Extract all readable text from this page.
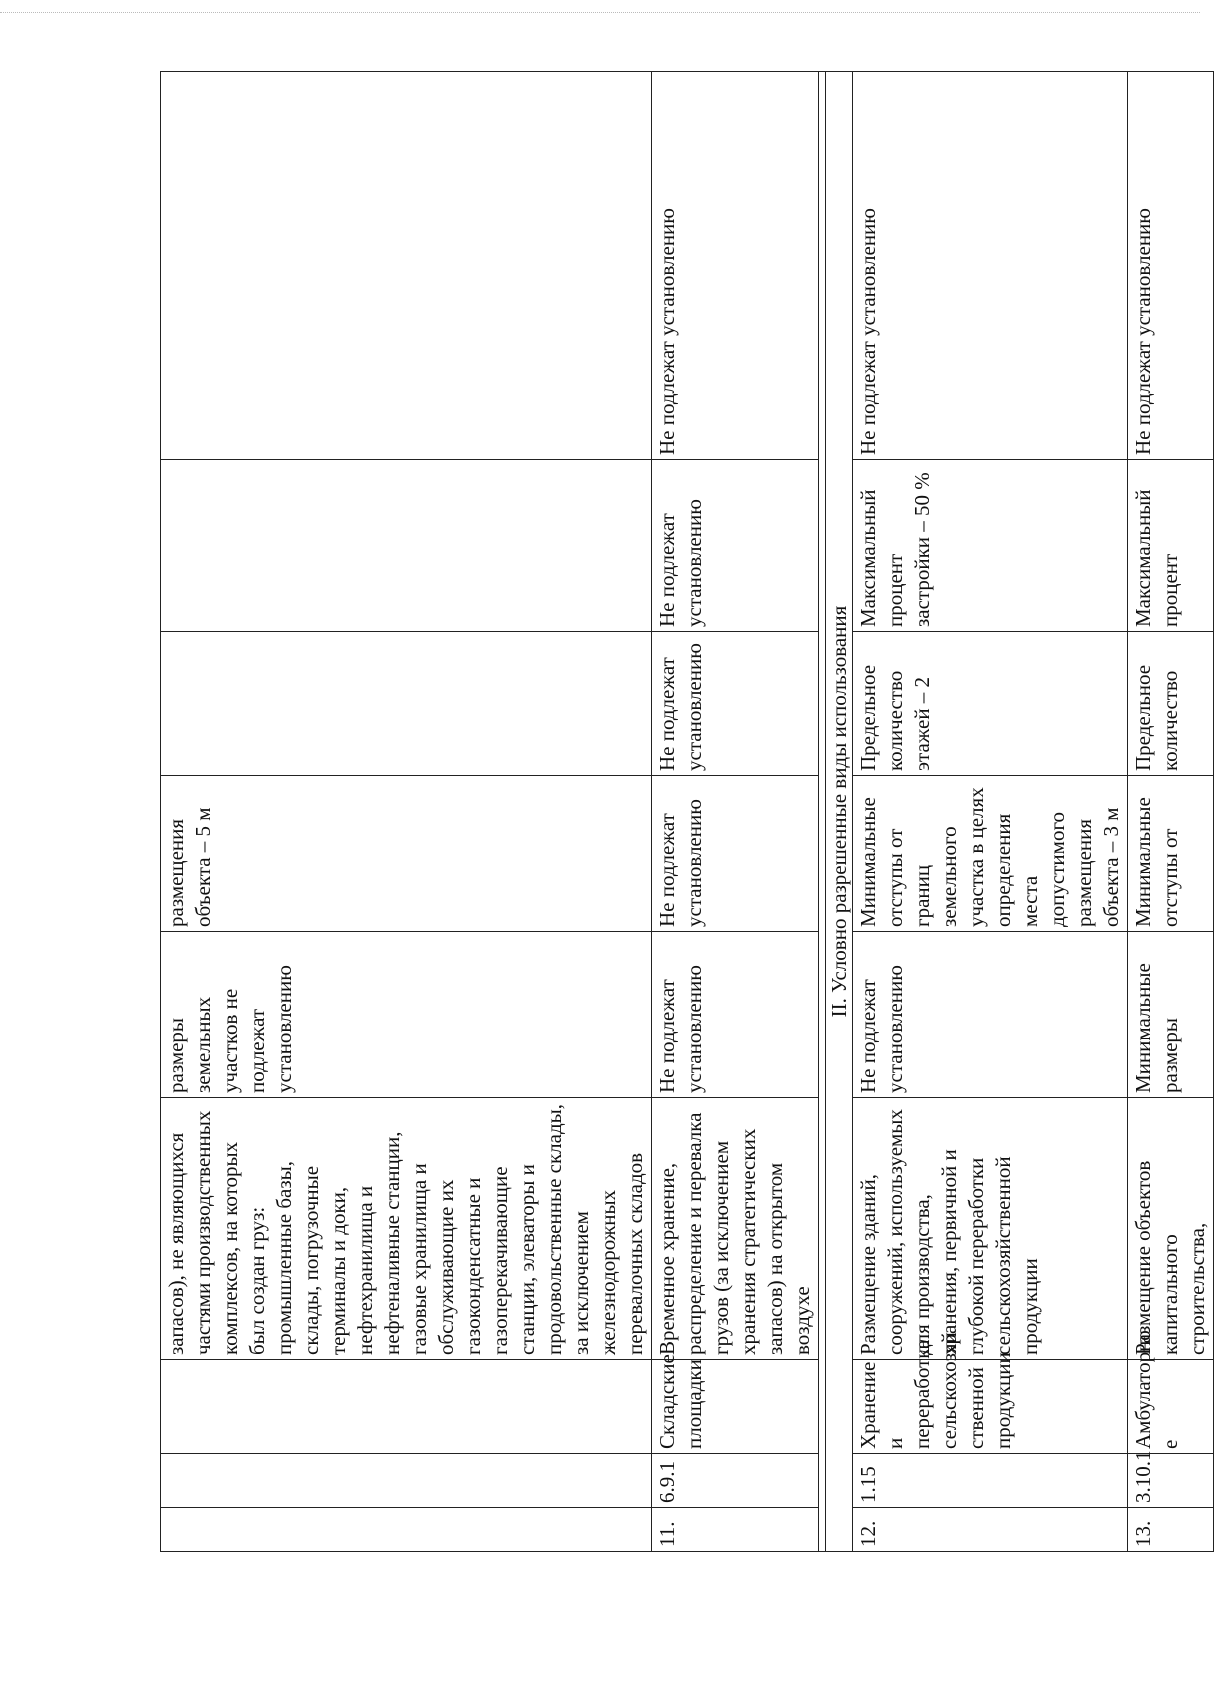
			запасов), не являющихся частями производственных комплексов, на которых был создан груз: промышленные базы, склады, погрузочные терминалы и доки, нефтехранилища и нефтеналивные станции, газовые хранилища и обслуживающие их газоконденсатные и газоперекачивающие станции, элеваторы и продовольственные склады, за исключением железнодорожных перевалочных складов	размеры земельных участков не подлежат установлению	размещения объекта – 5 м			
11.	6.9.1	Складские площадки	Временное хранение, распределение и перевалка грузов (за исключением хранения стратегических запасов) на открытом воздухе	Не подлежат установлению	Не подлежат установлению	Не подлежат установлению	Не подлежат установлению	Не подлежат установлению

II. Условно разрешенные виды использования								
12.	1.15	Хранение и переработка сельскохозяй ственной продукции	Размещение зданий, сооружений, используемых для производства, хранения, первичной и глубокой переработки сельскохозяйственной продукции	Не подлежат установлению	Минимальные отступы от границ земельного участка в целях определения места допустимого размещения объекта – 3 м	Предельное количество этажей – 2	Максимальный процент застройки – 50 %	Не подлежат установлению
13.	3.10.1	Амбулаторно е	Размещение объектов капитального строительства,	Минимальные размеры	Минимальные отступы от	Предельное количество	Максимальный процент	Не подлежат установлению
